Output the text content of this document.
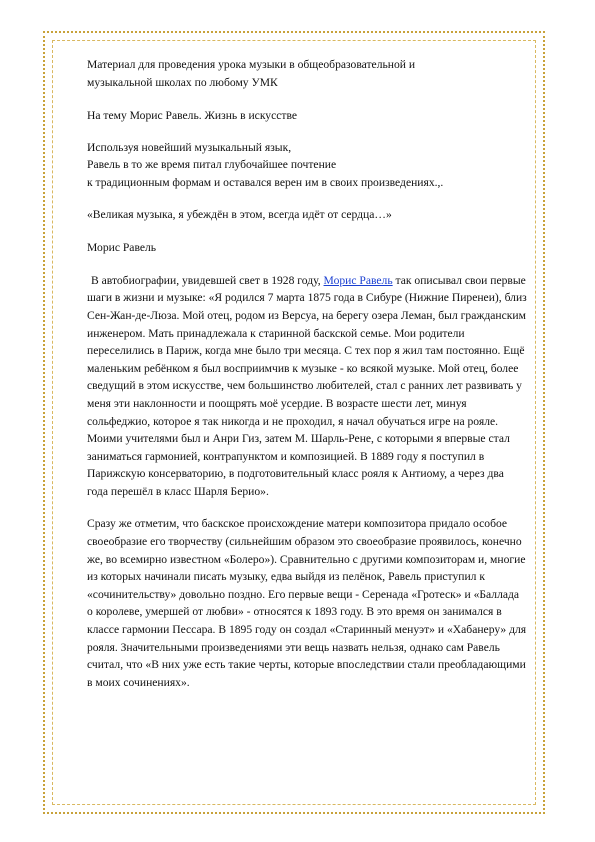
Материал для проведения урока музыки в общеобразовательной и
музыкальной школах по любому УМК

На тему Морис Равель. Жизнь в искусстве

Используя новейший музыкальный язык,
Равель в то же время питал глубочайшее почтение
к традиционным формам и оставался верен им в своих произведениях.,.

«Великая музыка, я убеждён в этом, всегда идёт от сердца…»

Морис Равель

В автобиографии, увидевшей свет в 1928 году, Морис Равель так описывал свои первые шаги в жизни и музыке: «Я родился 7 марта 1875 года в Сибуре (Нижние Пиренеи), близ Сен-Жан-де-Люза. Мой отец, родом из Версуа, на берегу озера Леман, был гражданским инженером. Мать принадлежала к старинной баскской семье. Мои родители переселились в Париж, когда мне было три месяца. С тех пор я жил там постоянно. Ещё маленьким ребёнком я был восприимчив к музыке - ко всякой музыке. Мой отец, более сведущий в этом искусстве, чем большинство любителей, стал с ранних лет развивать у меня эти наклонности и поощрять моё усердие. В возрасте шести лет, минуя сольфеджио, которое я так никогда и не проходил, я начал обучаться игре на рояле. Моими учителями был и Анри Гиз, затем М. Шарль-Рене, с которыми я впервые стал заниматься гармонией, контрапунктом и композицией. В 1889 году я поступил в Парижскую консерваторию, в подготовительный класс рояля к Антиому, а через два года перешёл в класс Шарля Берио».

Сразу же отметим, что баскское происхождение матери композитора придало особое своеобразие его творчеству (сильнейшим образом это своеобразие проявилось, конечно же, во всемирно известном «Болеро»). Сравнительно с другими композиторам и, многие из которых начинали писать музыку, едва выйдя из пелёнок, Равель приступил к «сочинительству» довольно поздно. Его первые вещи - Серенада «Гротеск» и «Баллада о королеве, умершей от любви» - относятся к 1893 году. В это время он занимался в классе гармонии Пессара. В 1895 году он создал «Старинный менуэт» и «Хабанеру» для рояля. Значительными произведениями эти вещь назвать нельзя, однако сам Равель считал, что «В них уже есть такие черты, которые впоследствии стали преобладающими в моих сочинениях».
